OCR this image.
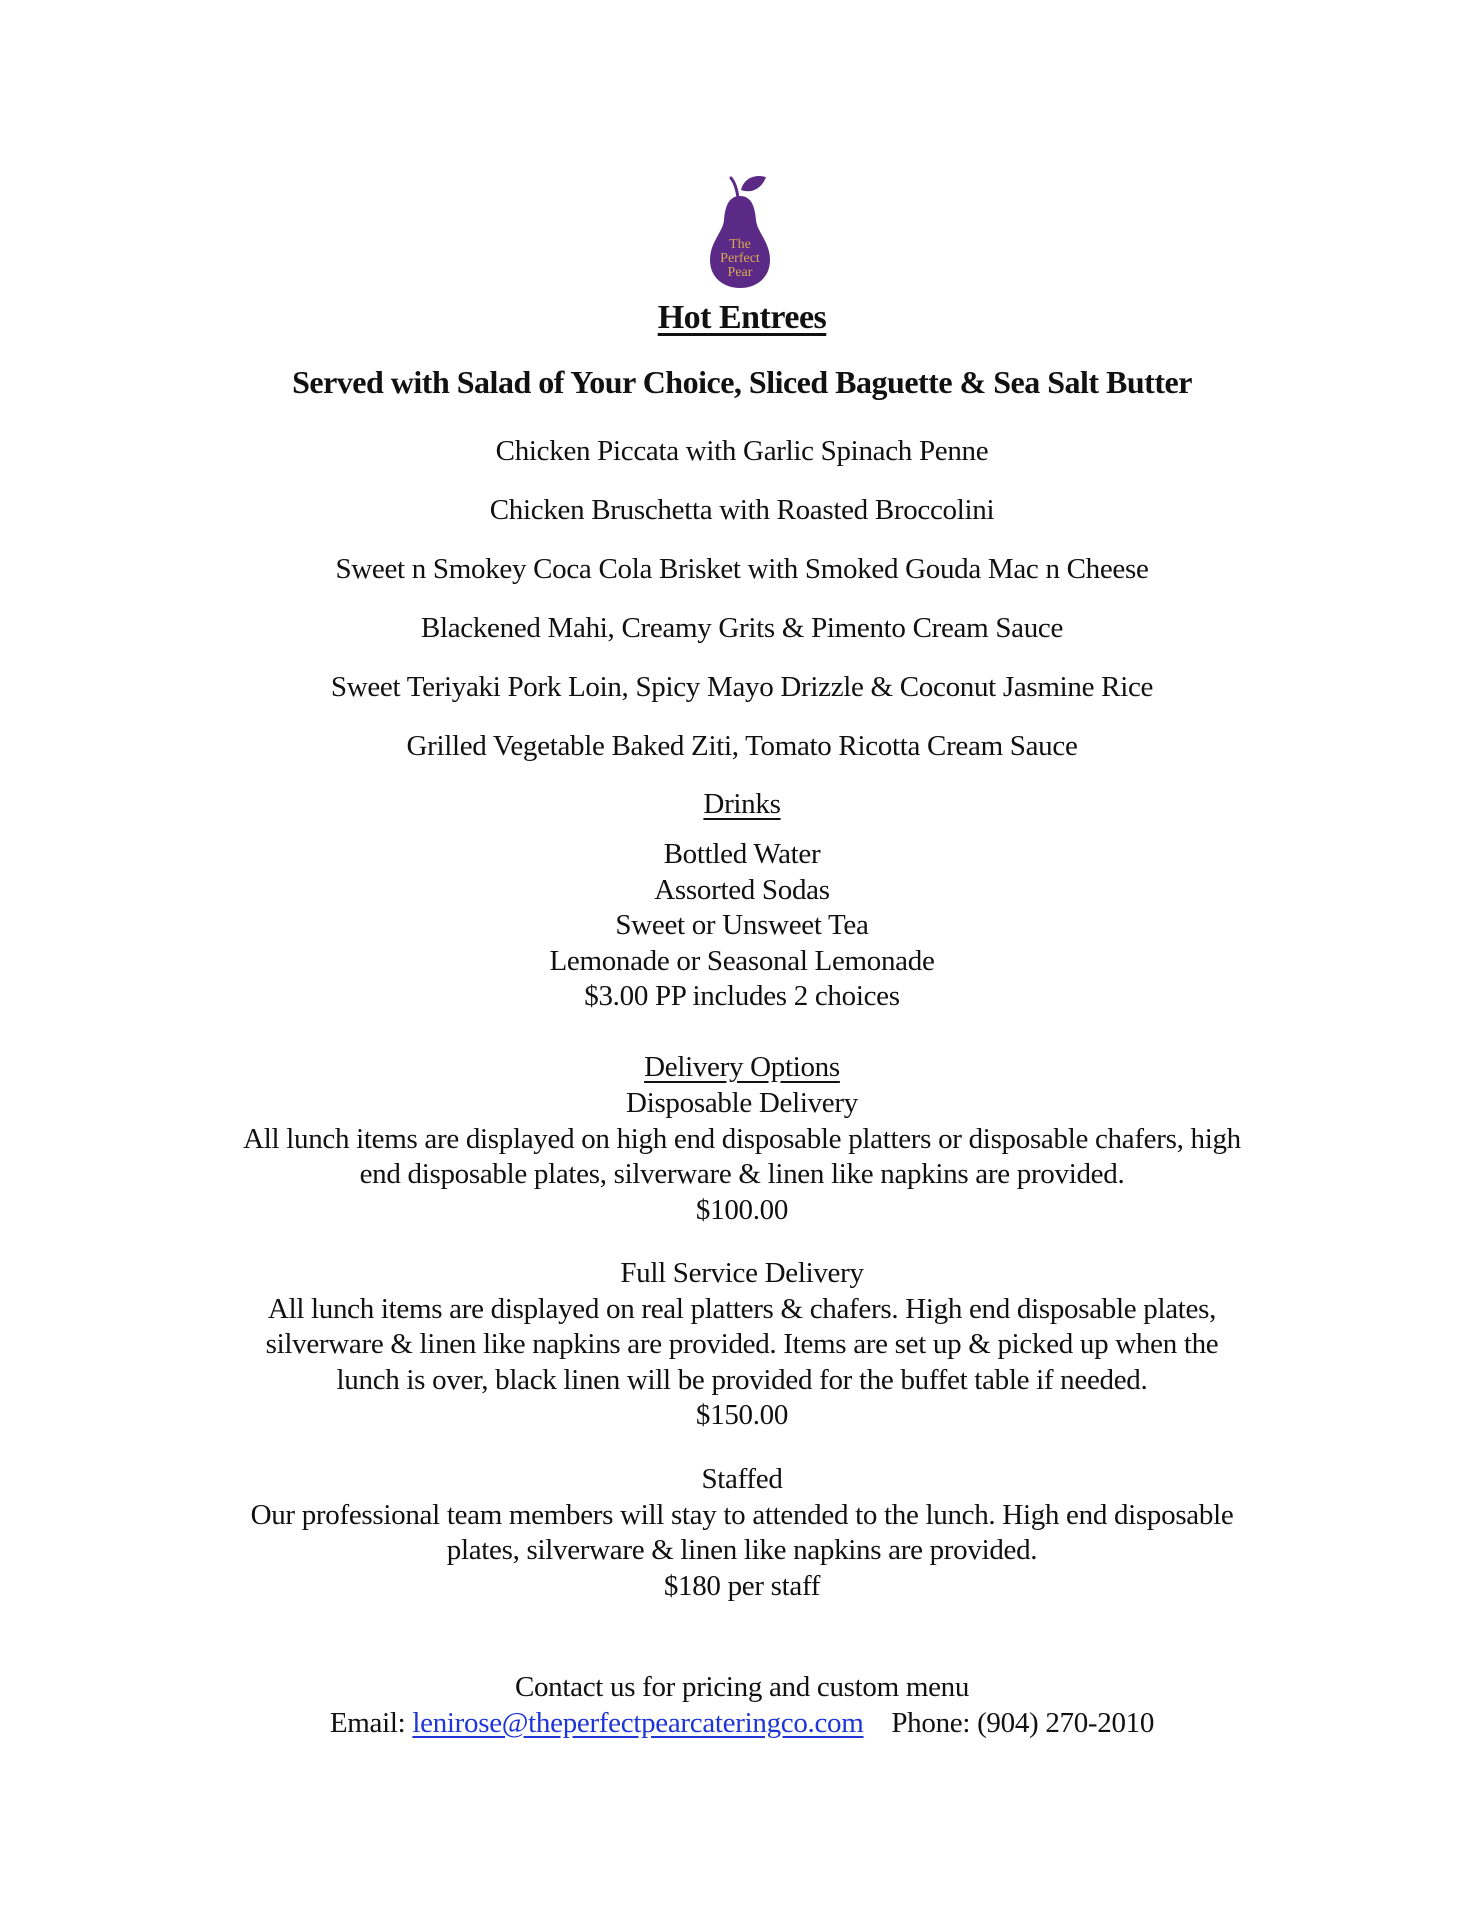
The
Perfect
Pear
Hot Entrees
Served with Salad of Your Choice, Sliced Baguette & Sea Salt Butter
Chicken Piccata with Garlic Spinach Penne
Chicken Bruschetta with Roasted Broccolini
Sweet n Smokey Coca Cola Brisket with Smoked Gouda Mac n Cheese
Blackened Mahi, Creamy Grits & Pimento Cream Sauce
Sweet Teriyaki Pork Loin, Spicy Mayo Drizzle & Coconut Jasmine Rice
Grilled Vegetable Baked Ziti, Tomato Ricotta Cream Sauce
Drinks
Bottled Water
Assorted Sodas
Sweet or Unsweet Tea
Lemonade or Seasonal Lemonade
$3.00 PP includes 2 choices
Delivery Options
Disposable Delivery
All lunch items are displayed on high end disposable platters or disposable chafers, high
end disposable plates, silverware & linen like napkins are provided.
$100.00
Full Service Delivery
All lunch items are displayed on real platters & chafers. High end disposable plates,
silverware & linen like napkins are provided. Items are set up & picked up when the
lunch is over, black linen will be provided for the buffet table if needed.
$150.00
Staffed
Our professional team members will stay to attended to the lunch. High end disposable
plates, silverware & linen like napkins are provided.
$180 per staff
Contact us for pricing and custom menu
Email: lenirose@theperfectpearcateringco.com Phone: (904) 270-2010
